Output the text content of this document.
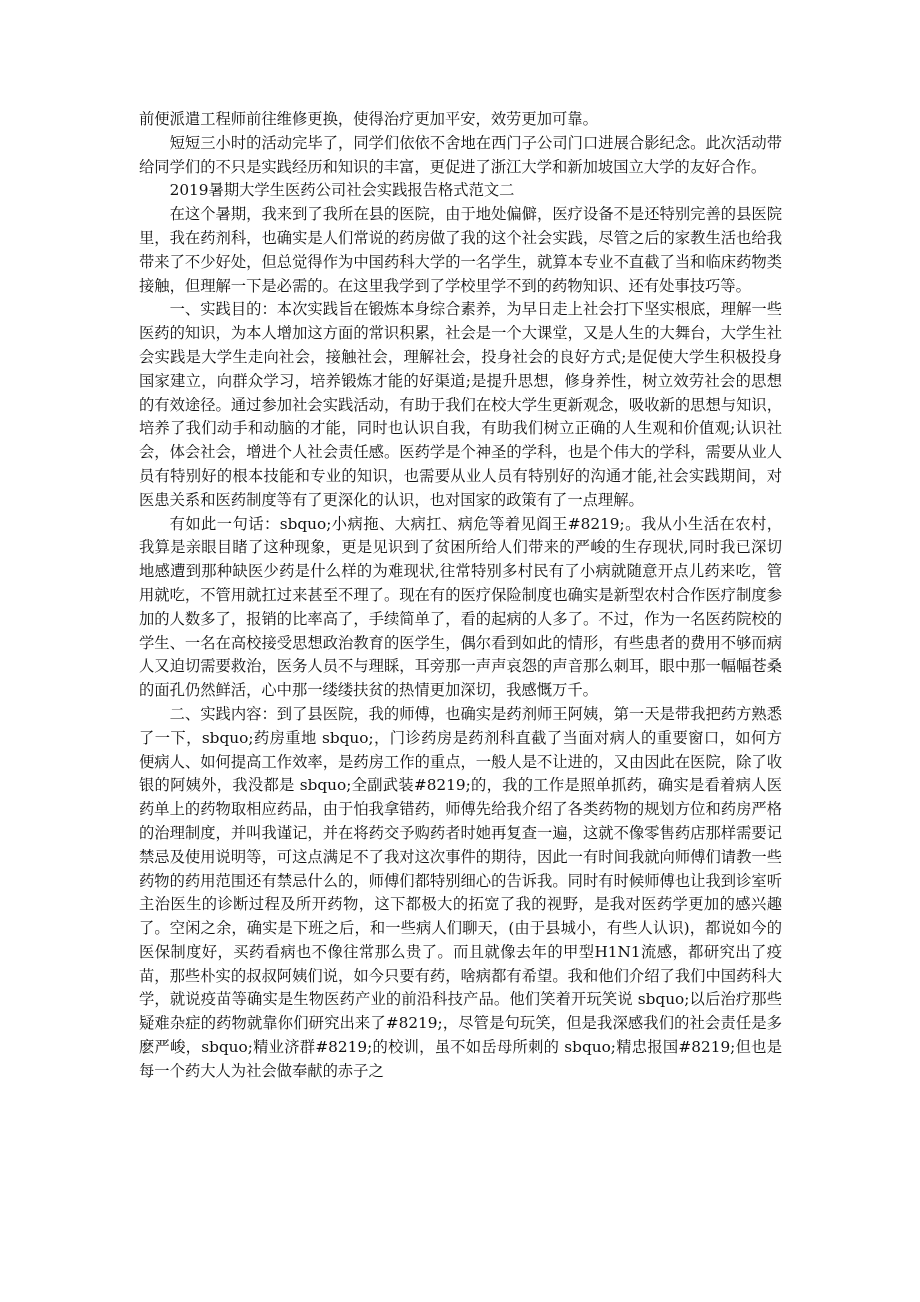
前便派遣工程师前往维修更换，使得治疗更加平安，效劳更加可靠。

短短三小时的活动完毕了，同学们依依不舍地在西门子公司门口进展合影纪念。此次活动带给同学们的不只是实践经历和知识的丰富，更促进了浙江大学和新加坡国立大学的友好合作。

2019暑期大学生医药公司社会实践报告格式范文二

在这个暑期，我来到了我所在县的医院，由于地处偏僻，医疗设备不是还特别完善的县医院里，我在药剂科，也确实是人们常说的药房做了我的这个社会实践，尽管之后的家教生活也给我带来了不少好处，但总觉得作为中国药科大学的一名学生，就算本专业不直截了当和临床药物类接触，但理解一下是必需的。在这里我学到了学校里学不到的药物知识、还有处事技巧等。

一、实践目的：本次实践旨在锻炼本身综合素养，为早日走上社会打下坚实根底，理解一些医药的知识，为本人增加这方面的常识积累，社会是一个大课堂，又是人生的大舞台，大学生社会实践是大学生走向社会，接触社会，理解社会，投身社会的良好方式;是促使大学生积极投身国家建立，向群众学习，培养锻炼才能的好渠道;是提升思想，修身养性，树立效劳社会的思想的有效途径。通过参加社会实践活动，有助于我们在校大学生更新观念，吸收新的思想与知识，培养了我们动手和动脑的才能，同时也认识自我，有助我们树立正确的人生观和价值观;认识社会，体会社会，增进个人社会责任感。医药学是个神圣的学科，也是个伟大的学科，需要从业人员有特别好的根本技能和专业的知识，也需要从业人员有特别好的沟通才能,社会实践期间，对医患关系和医药制度等有了更深化的认识，也对国家的政策有了一点理解。

有如此一句话：sbquo;小病拖、大病扛、病危等着见阎王#8219;。我从小生活在农村，我算是亲眼目睹了这种现象，更是见识到了贫困所给人们带来的严峻的生存现状,同时我已深切地感遭到那种缺医少药是什么样的为难现状,往常特别多村民有了小病就随意开点儿药来吃，管用就吃，不管用就扛过来甚至不理了。现在有的医疗保险制度也确实是新型农村合作医疗制度参加的人数多了，报销的比率高了，手续简单了，看的起病的人多了。不过，作为一名医药院校的学生、一名在高校接受思想政治教育的医学生，偶尔看到如此的情形，有些患者的费用不够而病人又迫切需要救治，医务人员不与理睬，耳旁那一声声哀怨的声音那么刺耳，眼中那一幅幅苍桑的面孔仍然鲜活，心中那一缕缕扶贫的热情更加深切，我感慨万千。

二、实践内容：到了县医院，我的师傅，也确实是药剂师王阿姨，第一天是带我把药方熟悉了一下，sbquo;药房重地 sbquo;，门诊药房是药剂科直截了当面对病人的重要窗口，如何方便病人、如何提高工作效率，是药房工作的重点，一般人是不让进的，又由因此在医院，除了收银的阿姨外，我没都是 sbquo;全副武装#8219;的，我的工作是照单抓药，确实是看着病人医药单上的药物取相应药品，由于怕我拿错药，师傅先给我介绍了各类药物的规划方位和药房严格的治理制度，并叫我谨记，并在将药交予购药者时她再复查一遍，这就不像零售药店那样需要记禁忌及使用说明等，可这点满足不了我对这次事件的期待，因此一有时间我就向师傅们请教一些药物的药用范围还有禁忌什么的，师傅们都特别细心的告诉我。同时有时候师傅也让我到诊室听主治医生的诊断过程及所开药物，这下都极大的拓宽了我的视野，是我对医药学更加的感兴趣了。空闲之余，确实是下班之后，和一些病人们聊天，(由于县城小，有些人认识)，都说如今的医保制度好，买药看病也不像往常那么贵了。而且就像去年的甲型H1N1流感，都研究出了疫苗，那些朴实的叔叔阿姨们说，如今只要有药，啥病都有希望。我和他们介绍了我们中国药科大学，就说疫苗等确实是生物医药产业的前沿科技产品。他们笑着开玩笑说 sbquo;以后治疗那些疑难杂症的药物就靠你们研究出来了#8219;，尽管是句玩笑，但是我深感我们的社会责任是多麽严峻，sbquo;精业济群#8219;的校训，虽不如岳母所刺的 sbquo;精忠报国#8219;但也是每一个药大人为社会做奉献的赤子之
